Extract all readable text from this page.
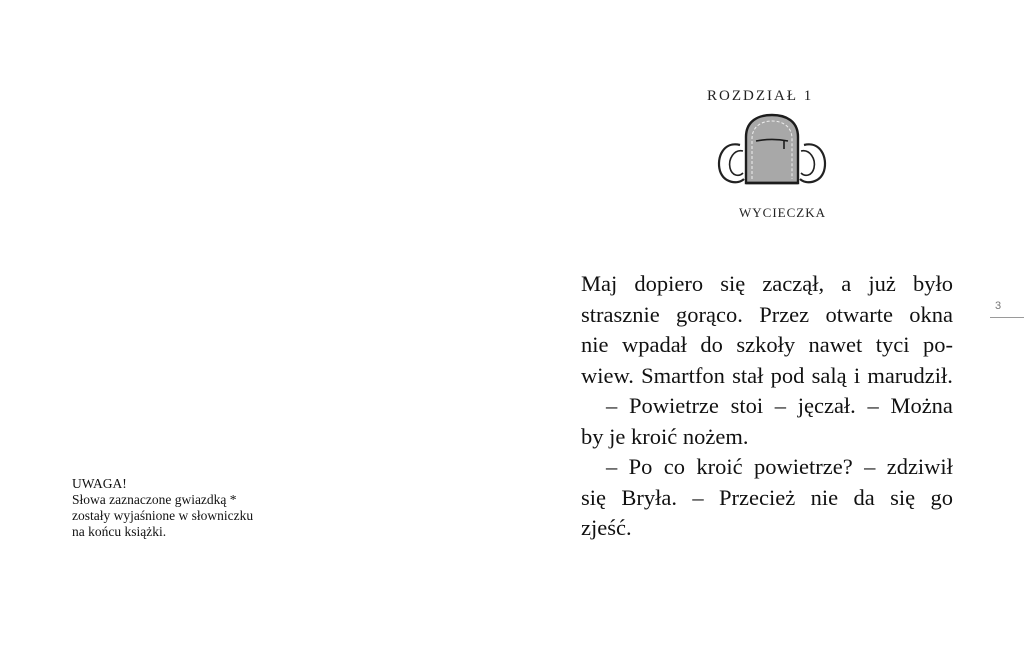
UWAGA!
Słowa zaznaczone gwiazdką *
zostały wyjaśnione w słowniczku
na końcu książki.
ROZDZIAŁ 1
WYCIECZKA
Maj dopiero się zaczął, a już było
strasznie gorąco. Przez otwarte okna
nie wpadał do szkoły nawet tyci po-
wiew. Smartfon stał pod salą i marudził.
– Powietrze stoi – jęczał. – Można
by je kroić nożem.
– Po co kroić powietrze? – zdziwił
się Bryła. – Przecież nie da się go
zjeść.
3
